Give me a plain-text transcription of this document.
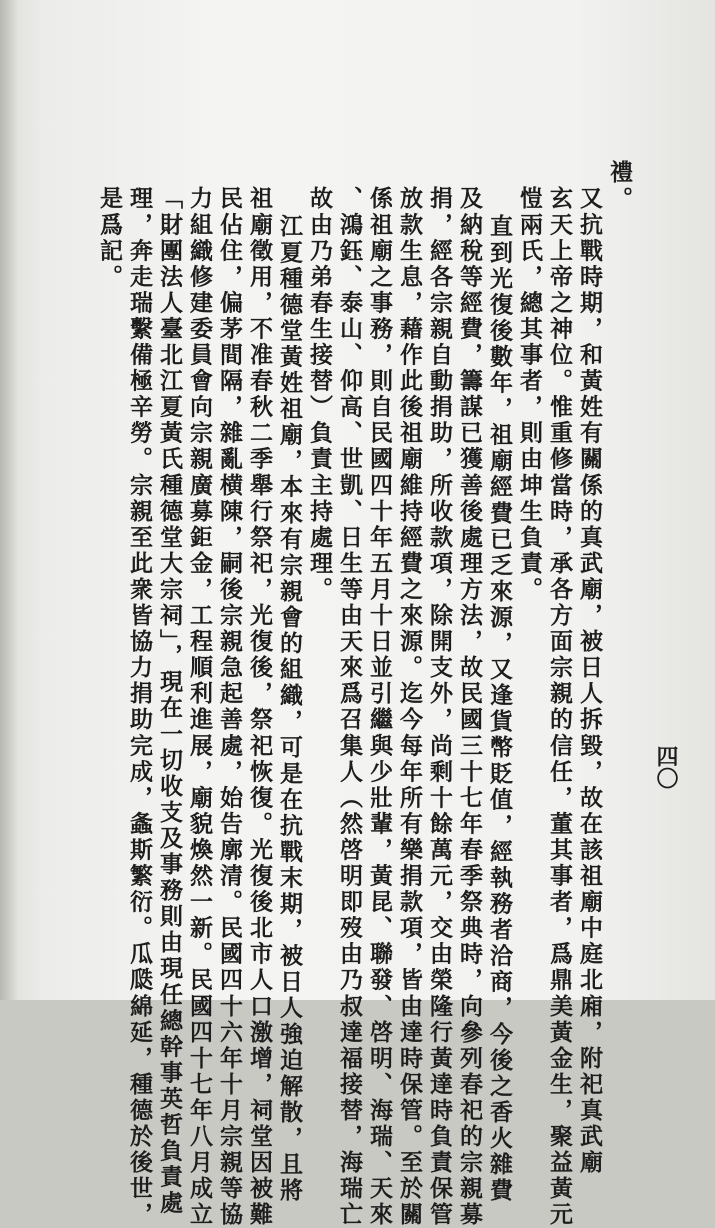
禮。
又抗戰時期，和黃姓有關係的真武廟，被日人拆毀，故在該祖廟中庭北廂，附祀真武廟
玄天上帝之神位。惟重修當時，承各方面宗親的信任，董其事者，爲鼎美黃金生，聚益黃元
愷兩氏，總其事者，則由坤生負責。
直到光復後數年，祖廟經費已乏來源，又逢貨幣貶值，經執務者洽商，今後之香火雜費
及納稅等經費，籌謀已獲善後處理方法，故民國三十七年春季祭典時，向參列春祀的宗親募
捐，經各宗親自動捐助，所收款項，除開支外，尚剩十餘萬元，交由榮隆行黃達時負責保管
放款生息，藉作此後祖廟維持經費之來源。迄今每年所有樂捐款項，皆由達時保管。至於關
係祖廟之事務，則自民國四十年五月十日並引繼與少壯輩，黃昆、聯發、啓明、海瑞、天來
、鴻鈺、泰山、仰高、世凱、日生等由天來爲召集人（然啓明即歿由乃叔達福接替，海瑞亡
故由乃弟春生接替）負責主持處理。
江夏種德堂黃姓祖廟，本來有宗親會的組織，可是在抗戰末期，被日人強迫解散，且將
祖廟徵用，不准春秋二季舉行祭祀，光復後，祭祀恢復。光復後北市人口激增，祠堂因被難
民佔住，偏茅間隔，雜亂横陳，嗣後宗親急起善處，始告廓清。民國四十六年十月宗親等協
力組織修建委員會向宗親廣募鉅金，工程順利進展，廟貌煥然一新。民國四十七年八月成立
「財團法人臺北江夏黃氏種德堂大宗祠」，現在一切收支及事務則由現任總幹事英哲負責處
理，奔走瑞繫備極辛勞。宗親至此衆皆協力捐助完成，螽斯繁衍。瓜瓞綿延，種德於後世，
是爲記。
四〇
